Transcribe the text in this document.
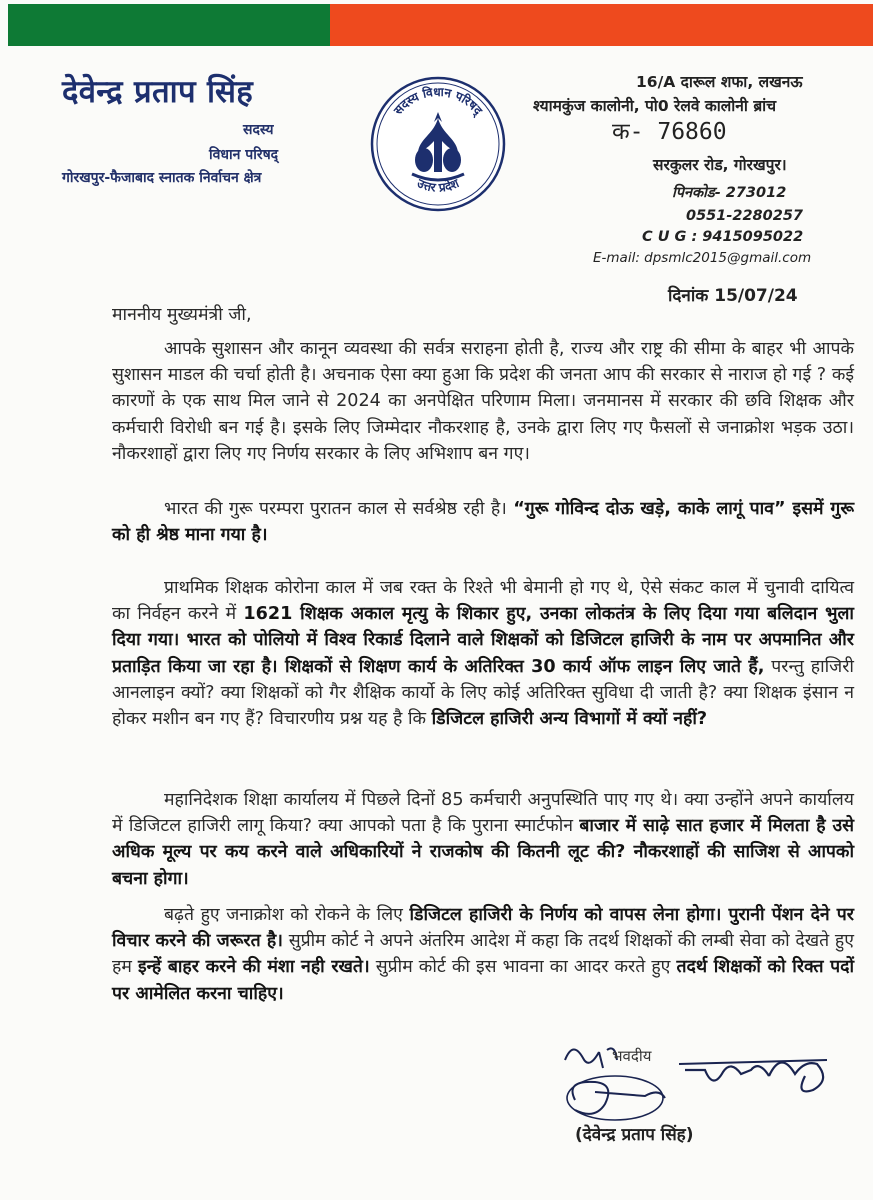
देवेन्द्र प्रताप सिंह
सदस्य
विधान परिषद्
गोरखपुर-फैजाबाद स्नातक निर्वाचन क्षेत्र
सदस्य विधान परिषद्
उत्तर प्रदेश
16/A दारूल शफा, लखनऊ
श्यामकुंज कालोनी, पो0 रेलवे कालोनी ब्रांच
क- 76860
सरकुलर रोड, गोरखपुर।
पिनकोड- 273012
0551-2280257
C U G : 9415095022
E-mail: dpsmlc2015@gmail.com
दिनांक 15/07/24
माननीय मुख्यमंत्री जी,
आपके सुशासन और कानून व्यवस्था की सर्वत्र सराहना होती है, राज्य और राष्ट्र की सीमा के बाहर भी आपके सुशासन माडल की चर्चा होती है। अचनाक ऐसा क्या हुआ कि प्रदेश की जनता आप की सरकार से नाराज हो गई ? कई कारणों के एक साथ मिल जाने से 2024 का अनपेक्षित परिणाम मिला। जनमानस में सरकार की छवि शिक्षक और कर्मचारी विरोधी बन गई है। इसके लिए जिम्मेदार नौकरशाह है, उनके द्वारा लिए गए फैसलों से जनाक्रोश भड़क उठा। नौकरशाहों द्वारा लिए गए निर्णय सरकार के लिए अभिशाप बन गए।
भारत की गुरू परम्परा पुरातन काल से सर्वश्रेष्ठ रही है। “गुरू गोविन्द दोऊ खड़े, काके लागूं पाव” इसमें गुरू को ही श्रेष्ठ माना गया है।
प्राथमिक शिक्षक कोरोना काल में जब रक्त के रिश्ते भी बेमानी हो गए थे, ऐसे संकट काल में चुनावी दायित्व का निर्वहन करने में 1621 शिक्षक अकाल मृत्यु के शिकार हुए, उनका लोकतंत्र के लिए दिया गया बलिदान भुला दिया गया। भारत को पोलियो में विश्व रिकार्ड दिलाने वाले शिक्षकों को डिजिटल हाजिरी के नाम पर अपमानित और प्रताड़ित किया जा रहा है। शिक्षकों से शिक्षण कार्य के अतिरिक्त 30 कार्य ऑफ लाइन लिए जाते हैं, परन्तु हाजिरी आनलाइन क्यों? क्या शिक्षकों को गैर शैक्षिक कार्यो के लिए कोई अतिरिक्त सुविधा दी जाती है? क्या शिक्षक इंसान न होकर मशीन बन गए हैं? विचारणीय प्रश्न यह है कि डिजिटल हाजिरी अन्य विभागों में क्यों नहीं?
महानिदेशक शिक्षा कार्यालय में पिछले दिनों 85 कर्मचारी अनुपस्थिति पाए गए थे। क्या उन्होंने अपने कार्यालय में डिजिटल हाजिरी लागू किया? क्या आपको पता है कि पुराना स्मार्टफोन बाजार में साढ़े सात हजार में मिलता है उसे अधिक मूल्य पर कय करने वाले अधिकारियों ने राजकोष की कितनी लूट की? नौकरशाहों की साजिश से आपको बचना होगा।
बढ़ते हुए जनाक्रोश को रोकने के लिए डिजिटल हाजिरी के निर्णय को वापस लेना होगा। पुरानी पेंशन देने पर विचार करने की जरूरत है। सुप्रीम कोर्ट ने अपने अंतरिम आदेश में कहा कि तदर्थ शिक्षकों की लम्बी सेवा को देखते हुए हम इन्हें बाहर करने की मंशा नही रखते। सुप्रीम कोर्ट की इस भावना का आदर करते हुए तदर्थ शिक्षकों को रिक्त पदों पर आमेलित करना चाहिए।
भवदीय
(देवेन्द्र प्रताप सिंह)
